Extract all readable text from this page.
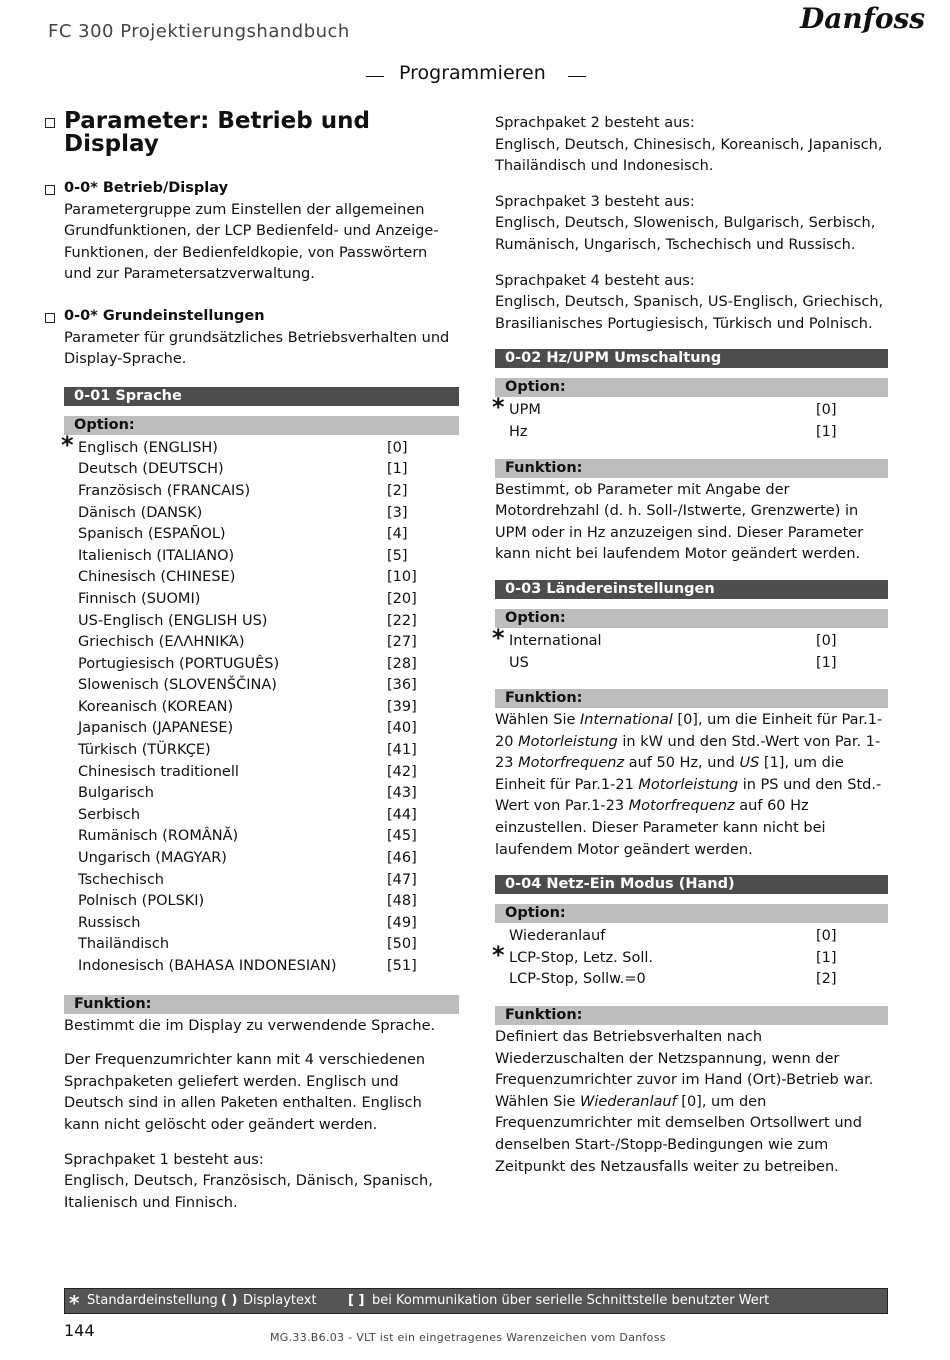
FC 300 Projektierungshandbuch	Danfoss
Programmieren
Parameter: Betrieb und Display
0-0* Betrieb/Display
Parametergruppe zum Einstellen der allgemeinen Grundfunktionen, der LCP Bedienfeld- und Anzeige-Funktionen, der Bedienfeldkopie, von Passwörtern und zur Parametersatzverwaltung.
0-0* Grundeinstellungen
Parameter für grundsätzliches Betriebsverhalten und Display-Sprache.
0-01 Sprache
Option:
* Englisch (ENGLISH)	[0]
Deutsch (DEUTSCH)	[1]
Französisch (FRANCAIS)	[2]
Dänisch (DANSK)	[3]
Spanisch (ESPAÑOL)	[4]
Italienisch (ITALIANO)	[5]
Chinesisch (CHINESE)	[10]
Finnisch (SUOMI)	[20]
US-Englisch (ENGLISH US)	[22]
Griechisch (ΕΛΛΗΝΙΚΆ)	[27]
Portugiesisch (PORTUGUÊS)	[28]
Slowenisch (SLOVENŠČINA)	[36]
Koreanisch (KOREAN)	[39]
Japanisch (JAPANESE)	[40]
Türkisch (TÜRKÇE)	[41]
Chinesisch traditionell	[42]
Bulgarisch	[43]
Serbisch	[44]
Rumänisch (ROMÂNĂ)	[45]
Ungarisch (MAGYAR)	[46]
Tschechisch	[47]
Polnisch (POLSKI)	[48]
Russisch	[49]
Thailändisch	[50]
Indonesisch (BAHASA INDONESIAN)	[51]
Funktion:
Bestimmt die im Display zu verwendende Sprache.
Der Frequenzumrichter kann mit 4 verschiedenen Sprachpaketen geliefert werden. Englisch und Deutsch sind in allen Paketen enthalten. Englisch kann nicht gelöscht oder geändert werden.
Sprachpaket 1 besteht aus:
Englisch, Deutsch, Französisch, Dänisch, Spanisch, Italienisch und Finnisch.
Sprachpaket 2 besteht aus:
Englisch, Deutsch, Chinesisch, Koreanisch, Japanisch, Thailändisch und Indonesisch.
Sprachpaket 3 besteht aus:
Englisch, Deutsch, Slowenisch, Bulgarisch, Serbisch, Rumänisch, Ungarisch, Tschechisch und Russisch.
Sprachpaket 4 besteht aus:
Englisch, Deutsch, Spanisch, US-Englisch, Griechisch, Brasilianisches Portugiesisch, Türkisch und Polnisch.
0-02 Hz/UPM Umschaltung
Option:
* UPM	[0]
Hz	[1]
Funktion:
Bestimmt, ob Parameter mit Angabe der Motordrehzahl (d. h. Soll-/Istwerte, Grenzwerte) in UPM oder in Hz anzuzeigen sind. Dieser Parameter kann nicht bei laufendem Motor geändert werden.
0-03 Ländereinstellungen
Option:
* International	[0]
US	[1]
Funktion:
Wählen Sie International [0], um die Einheit für Par.1-20 Motorleistung in kW und den Std.-Wert von Par. 1-23 Motorfrequenz auf 50 Hz, und US [1], um die Einheit für Par.1-21 Motorleistung in PS und den Std.-Wert von Par.1-23 Motorfrequenz auf 60 Hz einzustellen. Dieser Parameter kann nicht bei laufendem Motor geändert werden.
0-04 Netz-Ein Modus (Hand)
Option:
Wiederanlauf	[0]
* LCP-Stop, Letz. Soll.	[1]
LCP-Stop, Sollw.=0	[2]
Funktion:
Definiert das Betriebsverhalten nach Wiederzuschalten der Netzspannung, wenn der Frequenzumrichter zuvor im Hand (Ort)-Betrieb war. Wählen Sie Wiederanlauf [0], um den Frequenzumrichter mit demselben Ortsollwert und denselben Start-/Stopp-Bedingungen wie zum Zeitpunkt des Netzausfalls weiter zu betreiben.
* Standardeinstellung ( ) Displaytext [ ] bei Kommunikation über serielle Schnittstelle benutzter Wert
144	MG.33.B6.03 - VLT ist ein eingetragenes Warenzeichen vom Danfoss
